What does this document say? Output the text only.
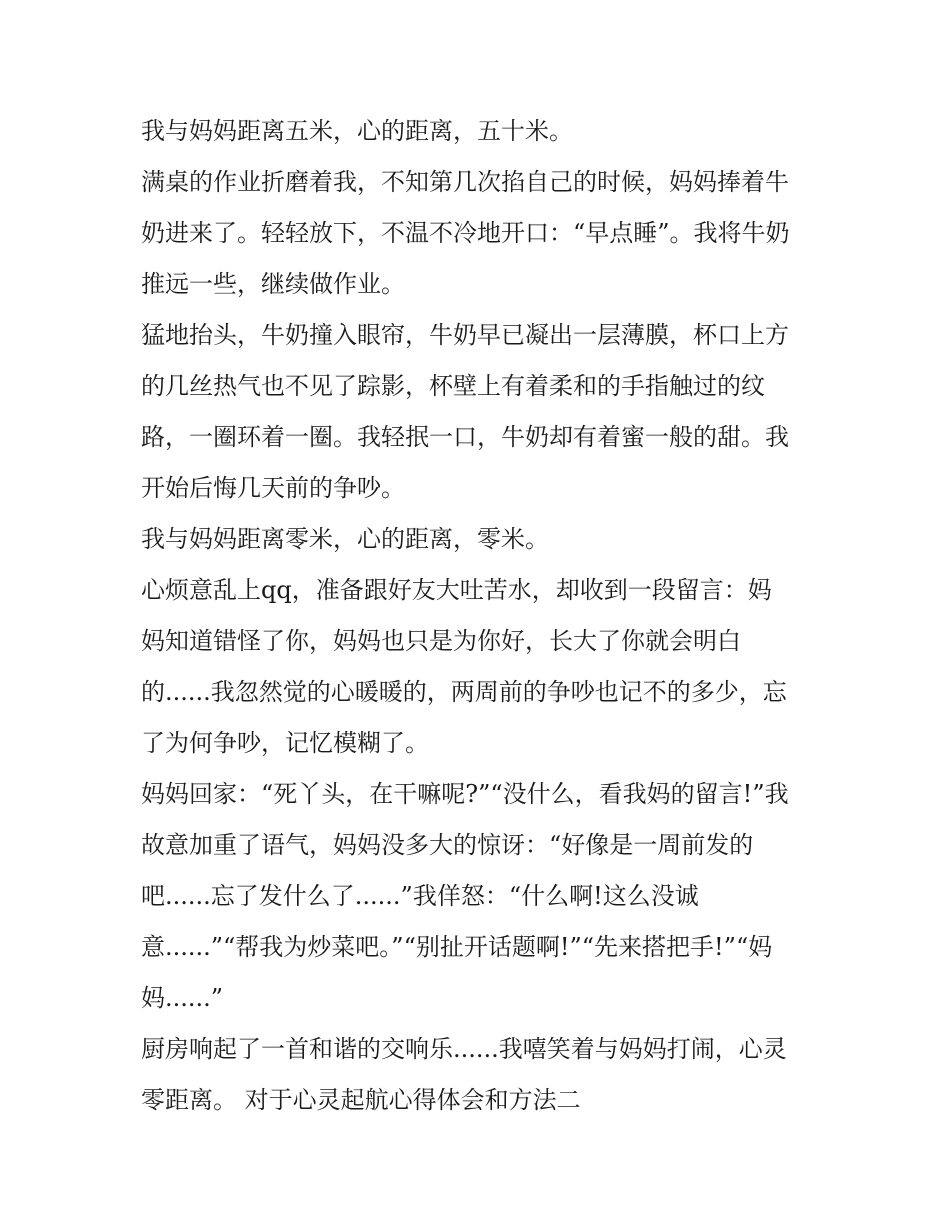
我与妈妈距离五米，心的距离，五十米。
满桌的作业折磨着我，不知第几次掐自己的时候，妈妈捧着牛
奶进来了。轻轻放下，不温不冷地开口：“早点睡”。我将牛奶
推远一些，继续做作业。
猛地抬头，牛奶撞入眼帘，牛奶早已凝出一层薄膜，杯口上方
的几丝热气也不见了踪影，杯壁上有着柔和的手指触过的纹
路，一圈环着一圈。我轻抿一口，牛奶却有着蜜一般的甜。我
开始后悔几天前的争吵。
我与妈妈距离零米，心的距离，零米。
心烦意乱上qq，准备跟好友大吐苦水，却收到一段留言：妈
妈知道错怪了你，妈妈也只是为你好，长大了你就会明白
的......我忽然觉的心暖暖的，两周前的争吵也记不的多少，忘
了为何争吵，记忆模糊了。
妈妈回家：“死丫头，在干嘛呢?”“没什么，看我妈的留言!”我
故意加重了语气，妈妈没多大的惊讶：“好像是一周前发的
吧......忘了发什么了......”我佯怒：“什么啊!这么没诚
意......”“帮我为炒菜吧。”“别扯开话题啊!”“先来搭把手!”“妈
妈......”
厨房响起了一首和谐的交响乐......我嘻笑着与妈妈打闹，心灵
零距离。 对于心灵起航心得体会和方法二
